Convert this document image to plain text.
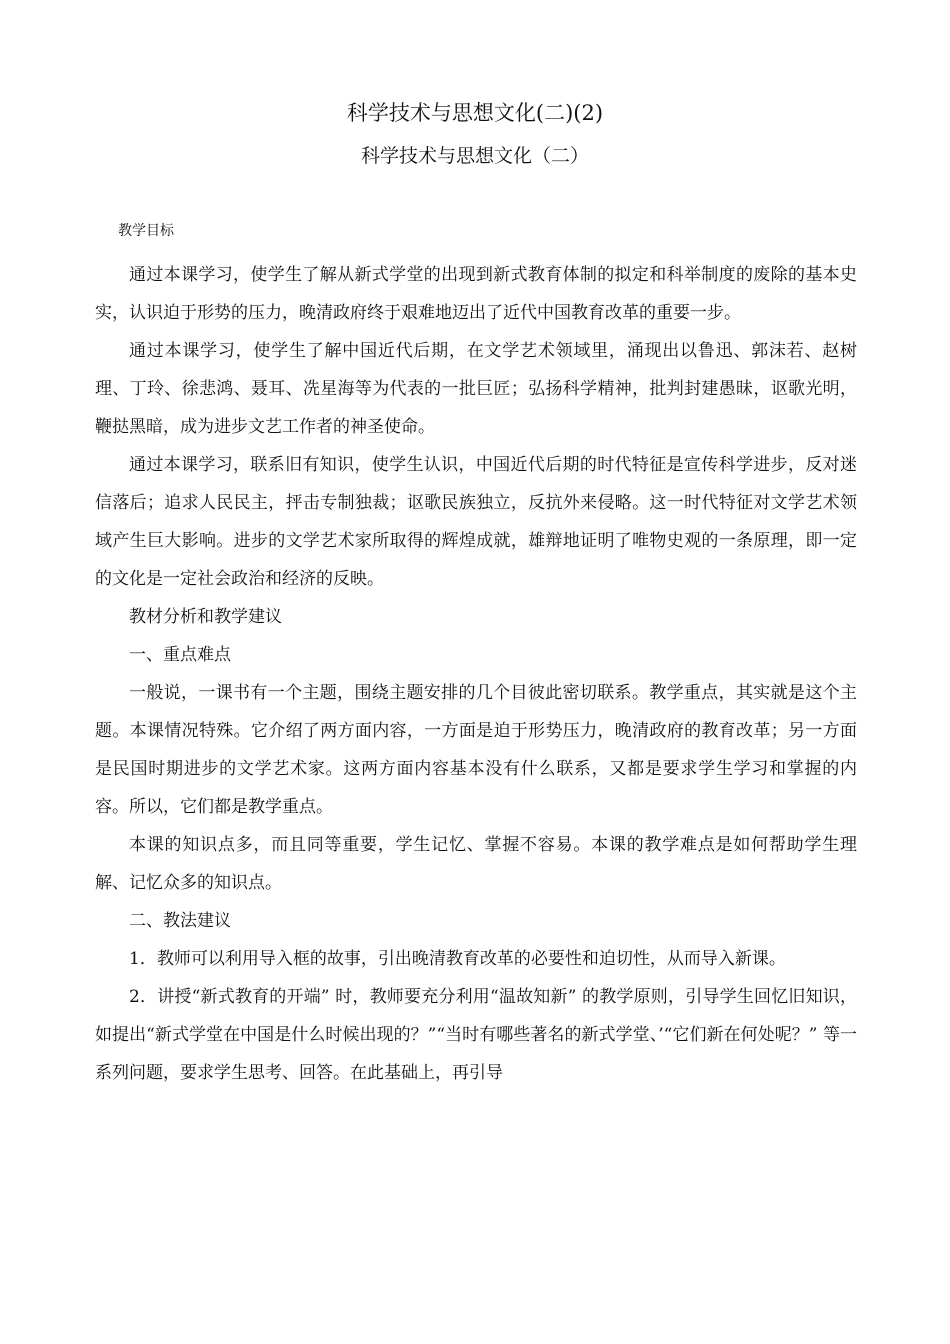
科学技术与思想文化(二)(2)
科学技术与思想文化（二）
教学目标

通过本课学习，使学生了解从新式学堂的出现到新式教育体制的拟定和科举制度的废除的基本史实，认识迫于形势的压力，晚清政府终于艰难地迈出了近代中国教育改革的重要一步。

通过本课学习，使学生了解中国近代后期，在文学艺术领域里，涌现出以鲁迅、郭沫若、赵树理、丁玲、徐悲鸿、聂耳、冼星海等为代表的一批巨匠；弘扬科学精神，批判封建愚昧，讴歌光明，鞭挞黑暗，成为进步文艺工作者的神圣使命。

通过本课学习，联系旧有知识，使学生认识，中国近代后期的时代特征是宣传科学进步，反对迷信落后；追求人民民主，抨击专制独裁；讴歌民族独立，反抗外来侵略。这一时代特征对文学艺术领域产生巨大影响。进步的文学艺术家所取得的辉煌成就，雄辩地证明了唯物史观的一条原理，即一定的文化是一定社会政治和经济的反映。

教材分析和教学建议

一、重点难点

一般说，一课书有一个主题，围绕主题安排的几个目彼此密切联系。教学重点，其实就是这个主题。本课情况特殊。它介绍了两方面内容，一方面是迫于形势压力，晚清政府的教育改革；另一方面是民国时期进步的文学艺术家。这两方面内容基本没有什么联系，又都是要求学生学习和掌握的内容。所以，它们都是教学重点。

本课的知识点多，而且同等重要，学生记忆、掌握不容易。本课的教学难点是如何帮助学生理解、记忆众多的知识点。

二、教法建议

1．教师可以利用导入框的故事，引出晚清教育改革的必要性和迫切性，从而导入新课。

2．讲授“新式教育的开端” 时，教师要充分利用“温故知新” 的教学原则，引导学生回忆旧知识，如提出“新式学堂在中国是什么时候出现的？”“当时有哪些著名的新式学堂、’“它们新在何处呢？” 等一系列问题，要求学生思考、回答。在此基础上，再引导
